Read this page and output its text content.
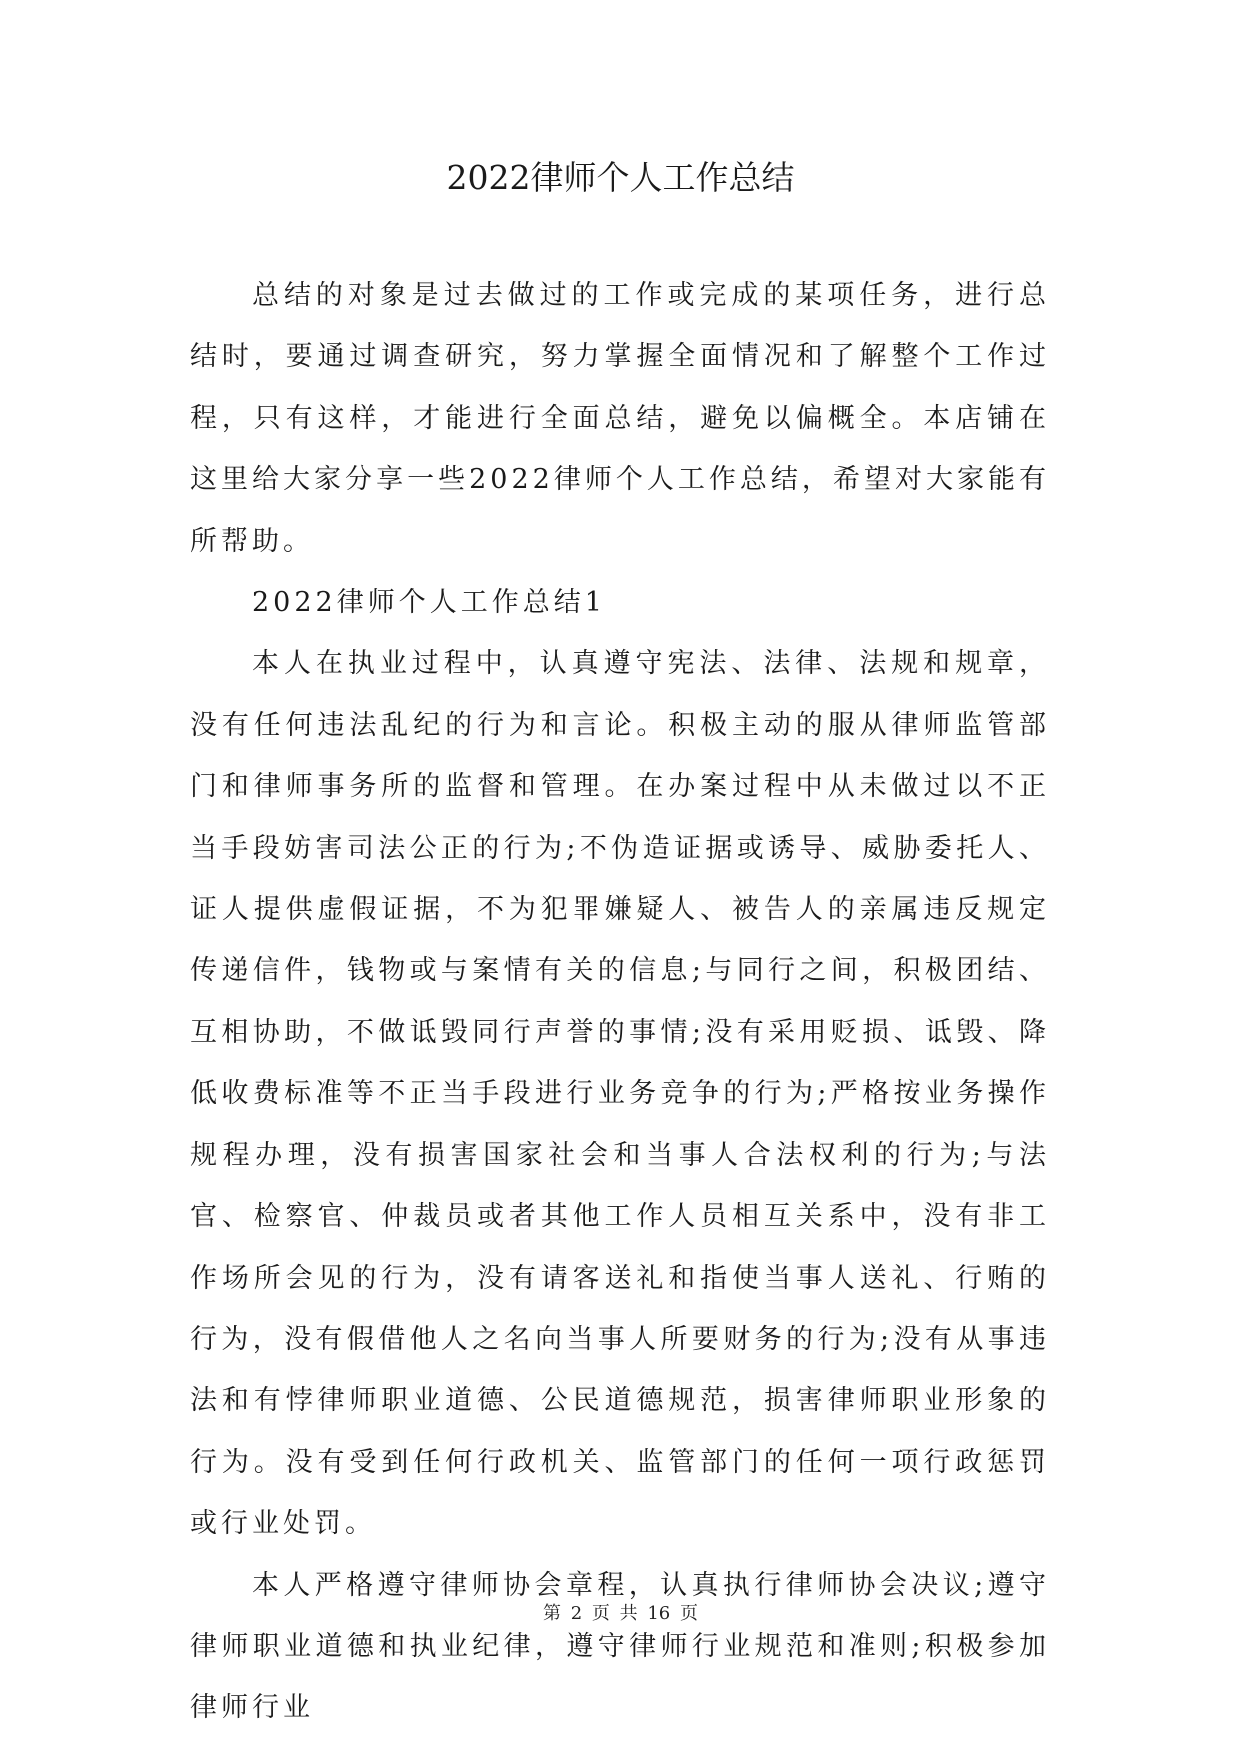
2022律师个人工作总结

总结的对象是过去做过的工作或完成的某项任务，进行总结时，要通过调查研究，努力掌握全面情况和了解整个工作过程，只有这样，才能进行全面总结，避免以偏概全。本店铺在这里给大家分享一些2022律师个人工作总结，希望对大家能有所帮助。

2022律师个人工作总结1

本人在执业过程中，认真遵守宪法、法律、法规和规章，没有任何违法乱纪的行为和言论。积极主动的服从律师监管部门和律师事务所的监督和管理。在办案过程中从未做过以不正当手段妨害司法公正的行为;不伪造证据或诱导、威胁委托人、证人提供虚假证据，不为犯罪嫌疑人、被告人的亲属违反规定传递信件，钱物或与案情有关的信息;与同行之间，积极团结、互相协助，不做诋毁同行声誉的事情;没有采用贬损、诋毁、降低收费标准等不正当手段进行业务竞争的行为;严格按业务操作规程办理，没有损害国家社会和当事人合法权利的行为;与法官、检察官、仲裁员或者其他工作人员相互关系中，没有非工作场所会见的行为，没有请客送礼和指使当事人送礼、行贿的行为，没有假借他人之名向当事人所要财务的行为;没有从事违法和有悖律师职业道德、公民道德规范，损害律师职业形象的行为。没有受到任何行政机关、监管部门的任何一项行政惩罚或行业处罚。

本人严格遵守律师协会章程，认真执行律师协会决议;遵守律师职业道德和执业纪律，遵守律师行业规范和准则;积极参加律师行业

第 2 页 共 16 页
